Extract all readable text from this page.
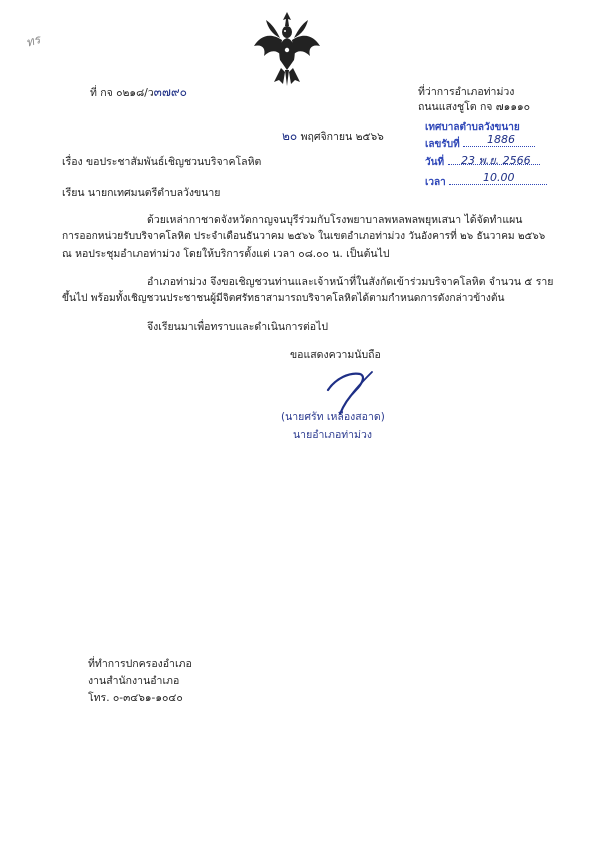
ทร
ที่ กจ ๐๒๑๘/ว๓๗๙๐	ที่ว่าการอำเภอท่าม่วง
ถนนแสงชูโต กจ ๗๑๑๑๐
๒๐ พฤศจิกายน ๒๕๖๖
เทศบาลตำบลวังขนาย
เลขรับที่	1886
วันที่	23 พ.ย. 2566
เวลา	10.00
เรื่อง ขอประชาสัมพันธ์เชิญชวนบริจาคโลหิต
เรียน นายกเทศมนตรีตำบลวังขนาย
ด้วยเหล่ากาชาดจังหวัดกาญจนบุรีร่วมกับโรงพยาบาลพหลพลพยุหเสนา ได้จัดทำแผน
การออกหน่วยรับบริจาคโลหิต ประจำเดือนธันวาคม ๒๕๖๖ ในเขตอำเภอท่าม่วง วันอังคารที่ ๒๖ ธันวาคม ๒๕๖๖
ณ หอประชุมอำเภอท่าม่วง โดยให้บริการตั้งแต่ เวลา ๐๘.๐๐ น. เป็นต้นไป
อำเภอท่าม่วง จึงขอเชิญชวนท่านและเจ้าหน้าที่ในสังกัดเข้าร่วมบริจาคโลหิต จำนวน ๕ ราย
ขึ้นไป พร้อมทั้งเชิญชวนประชาชนผู้มีจิตศรัทธาสามารถบริจาคโลหิตได้ตามกำหนดการดังกล่าวข้างต้น
จึงเรียนมาเพื่อทราบและดำเนินการต่อไป
ขอแสดงความนับถือ
(นายศรัท เหลืองสอาด)
นายอำเภอท่าม่วง
ที่ทำการปกครองอำเภอ
งานสำนักงานอำเภอ
โทร. ๐-๓๔๖๑-๑๐๔๐
